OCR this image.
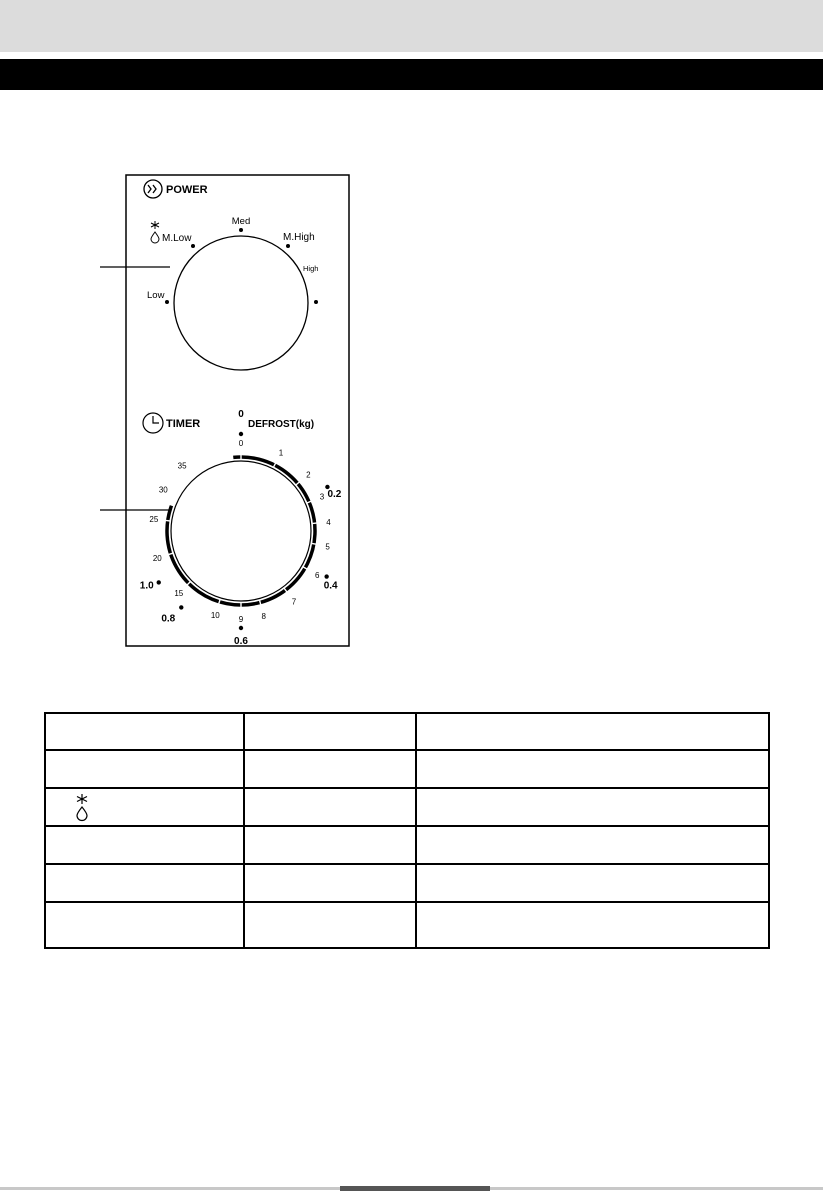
POWER
Low
M.Low
Med
M.High
High
TIMER	DEFROST(kg)
0
1
2
3
4
5
6
7
8
9
10
15
20
25
30
35
0
0.2
0.4
0.6
0.8
1.0
